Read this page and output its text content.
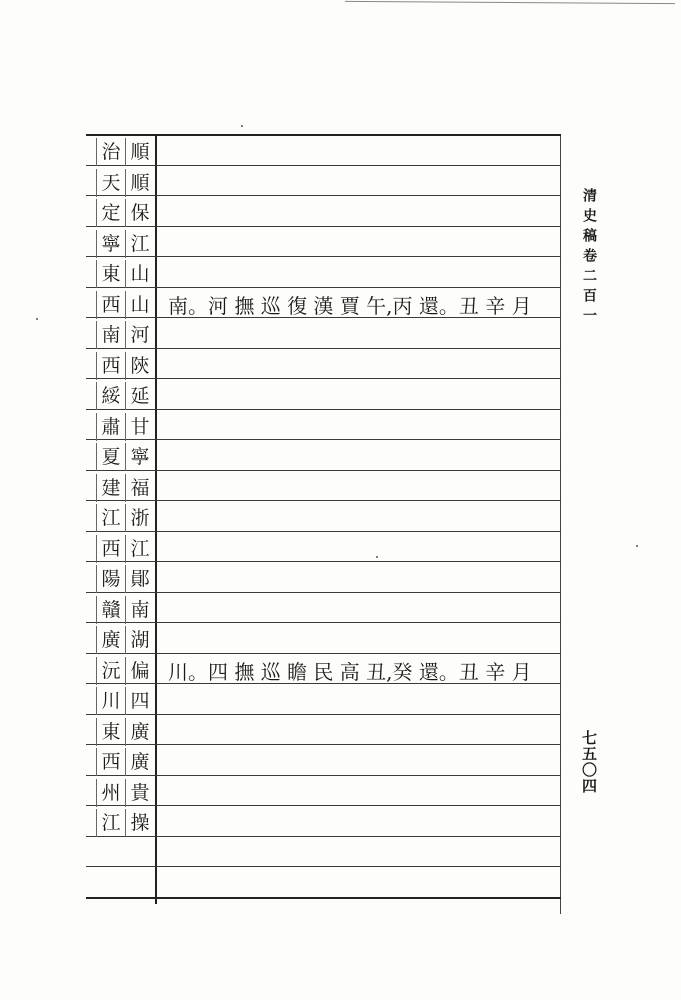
治 順
天 順
定 保
寧 江
東 山
西 山
南 河
西 陝
綏 延
肅 甘
夏 寧
建 福
江 浙
西 江
陽 鄖
贛 南
廣 湖
沅 偏
川 四
東 廣
西 廣
州 貴
江 操
南。河 撫 巡 復 漢 賈 午,丙 還。丑 辛 月
川。四 撫 巡 瞻 民 高 丑,癸 還。丑 辛 月
清史稿卷二百一
七五〇四
